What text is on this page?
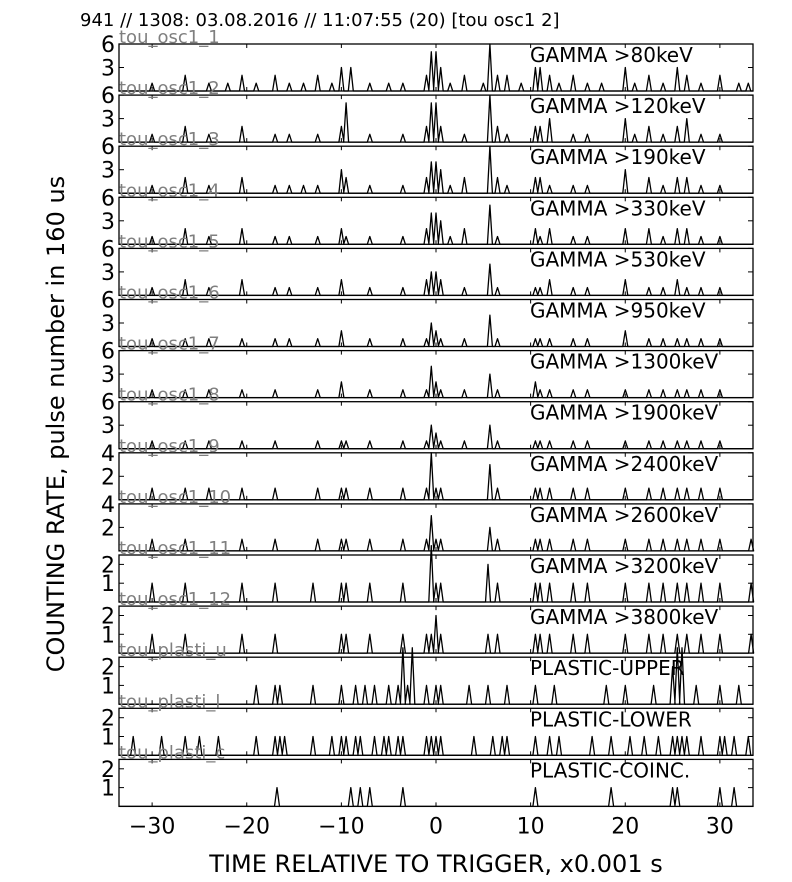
941 // 1308: 03.08.2016 // 11:07:55 (20) [tou osc1 2]
3
6	GAMMA >80keV
tou_osc1_1
3
6	GAMMA >120keV
tou_osc1_2
3
6	GAMMA >190keV
tou_osc1_3
3
6	GAMMA >330keV
tou_osc1_4
3
6	GAMMA >530keV
tou_osc1_5
3
6	GAMMA >950keV
tou_osc1_6
3
6	GAMMA >1300keV
tou_osc1_7
3
6	GAMMA >1900keV
tou_osc1_8
2
4	GAMMA >2400keV
tou_osc1_9
2
4	GAMMA >2600keV
tou_osc1_10
1
2	GAMMA >3200keV
tou_osc1_11
1
2	GAMMA >3800keV
tou_osc1_12
1
2	PLASTIC-UPPER
tou_plasti_u
1
2	PLASTIC-LOWER
tou_plasti_l
1
2	PLASTIC-COINC.
tou_plasti_c
−30 −20 −10	0	10	20	30
COUNTING RATE, pulse number in 160 us
TIME RELATIVE TO TRIGGER, x0.001 s
